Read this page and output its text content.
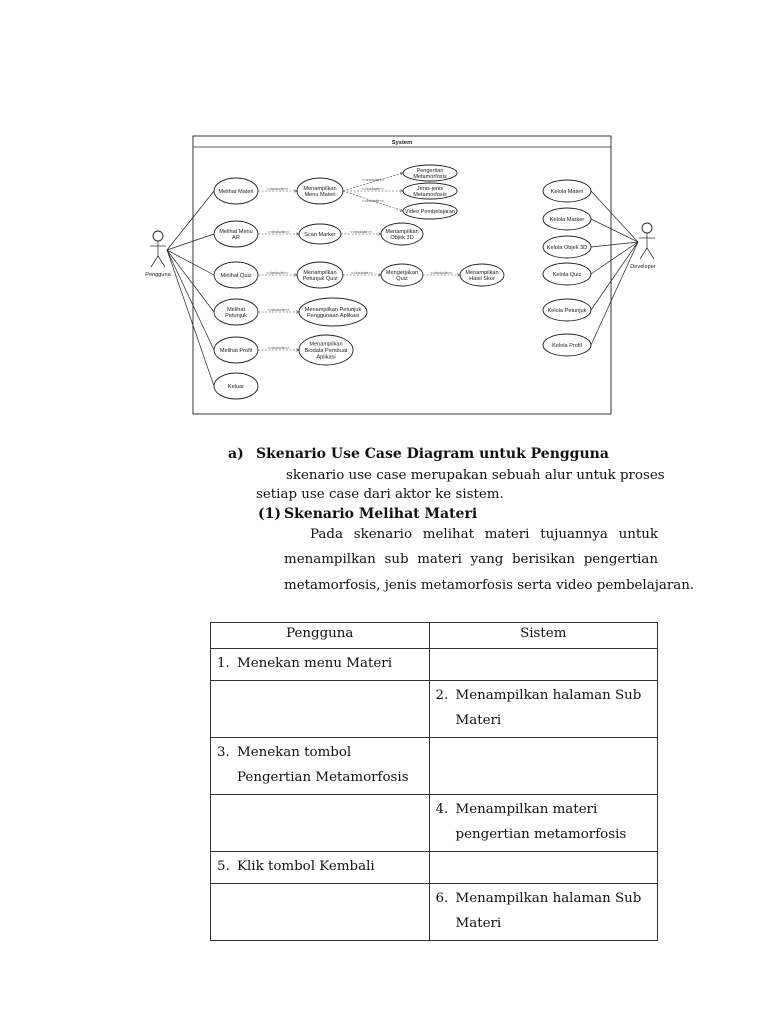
System
Pengguna
Developer
<<include>>
<<include>>
<<include>>
<<include>>
<<include>>
<<include>>
<<include>>
<<include>>
<<include>>
<<include>>	<<include>>
Melihat Materi
Melihat Menu
AR
Melihat Quiz
Melihat
Petunjuk
Melihat Profil
Keluar
Menampilkan
Menu Materi
Scan Marker
Menampilkan
Petunjuk Quiz
Menampilkan Petunjuk
Penggunaan Aplikasi
Menampilkan
Biodata Pembuat
Aplikasi
Pengertian
Metamorfosis
Jenis-jenis
Metamorfosis
Video Pembelajaran
Menampilkan
Objek 3D
Mengerjakan
Quiz
Menampilkan
Hasil Skor
Kelola Materi
Kelola Marker
Kelola Objek 3D
Kelola Quiz
Kelola Petunjuk
Kelola Profil
a) Skenario Use Case Diagram untuk Pengguna
skenario use case merupakan sebuah alur untuk proses
setiap use case dari aktor ke sistem.
(1) Skenario Melihat Materi
Pada skenario melihat materi tujuannya untuk
menampilkan sub materi yang berisikan pengertian
metamorfosis, jenis metamorfosis serta video pembelajaran.
Pengguna	Sistem

1. Menekan menu Materi	

	2. Menampilkan halaman Sub Materi

3. Menekan tombol Pengertian Metamorfosis	

	4. Menampilkan materi pengertian metamorfosis

5. Klik tombol Kembali	

	6. Menampilkan halaman Sub Materi
